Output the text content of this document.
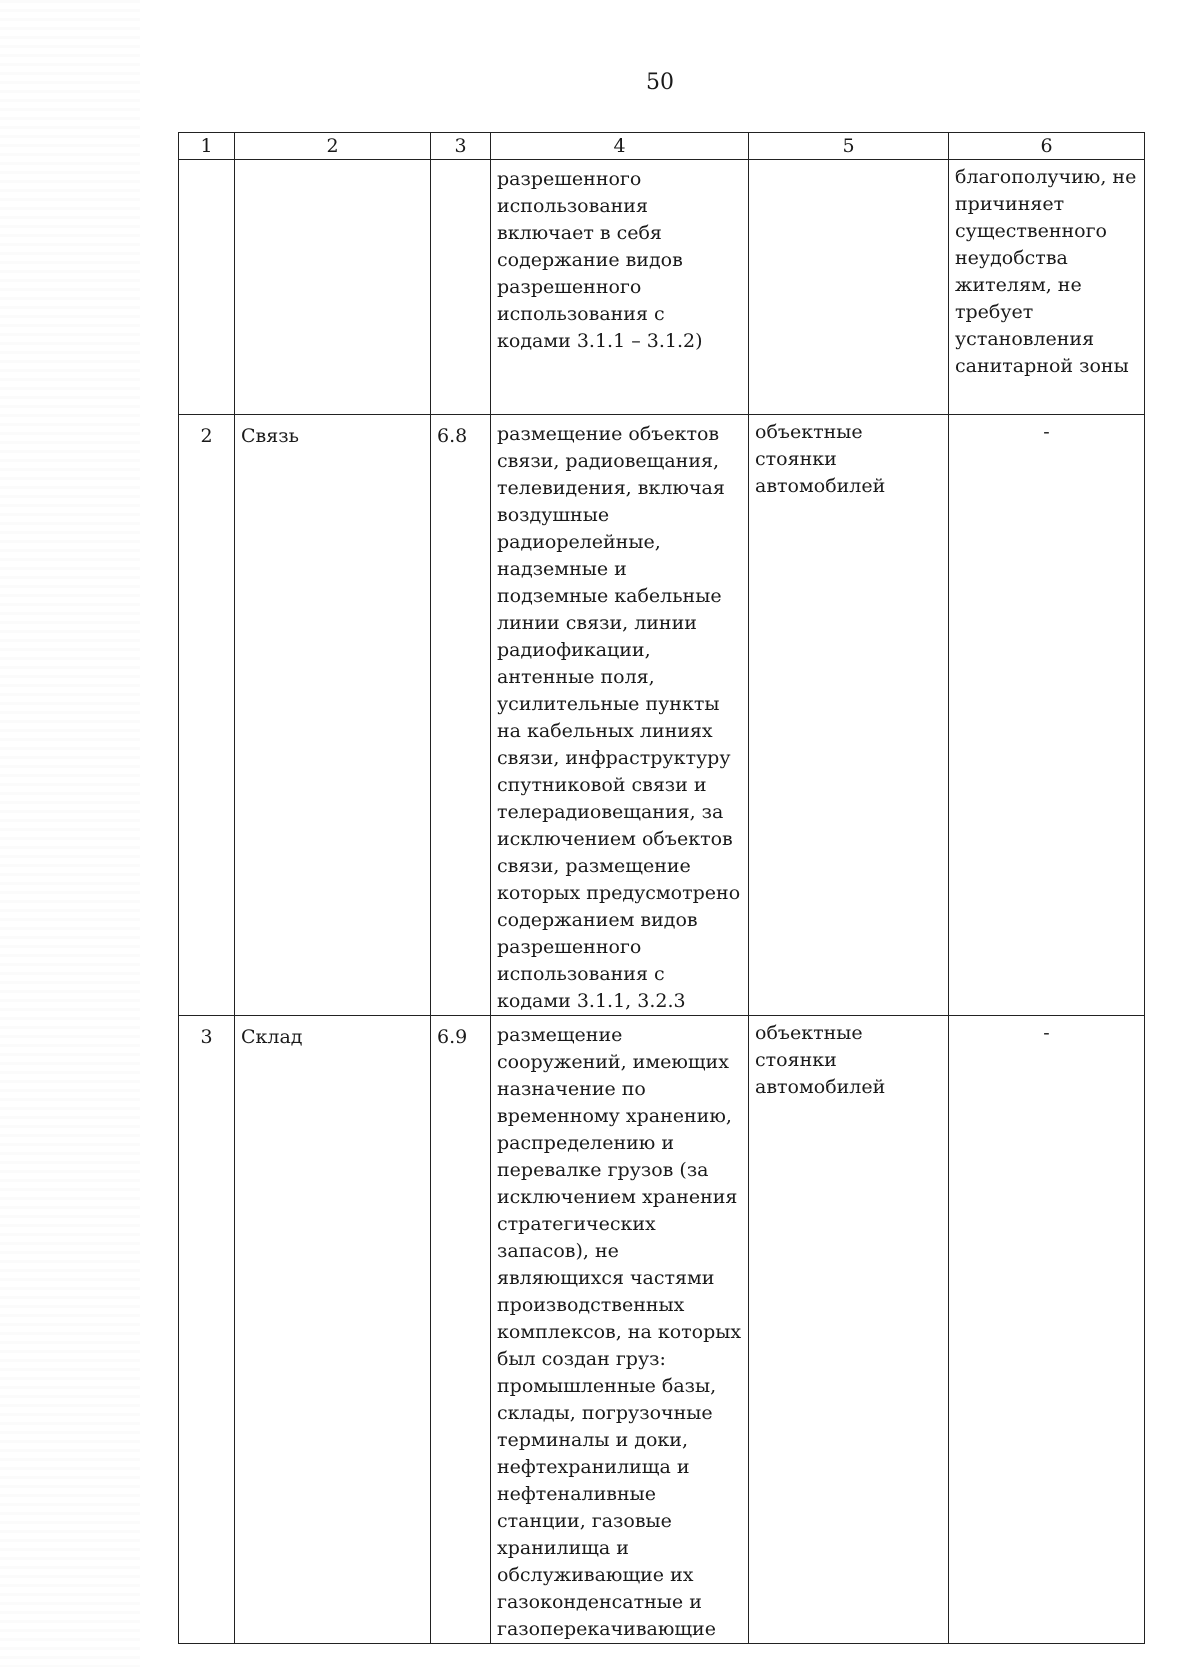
50
1	2	3	4	5	6
			разрешенного использования включает в себя содержание видов разрешенного использования с кодами 3.1.1 – 3.1.2)		благополучию, не причиняет существенного неудобства жителям, не требует установления санитарной зоны
2	Связь	6.8	размещение объектов связи, радиовещания, телевидения, включая воздушные радиорелейные, надземные и подземные кабельные линии связи, линии радиофикации, антенные поля, усилительные пункты на кабельных линиях связи, инфраструктуру спутниковой связи и телерадиовещания, за исключением объектов связи, размещение которых предусмотрено содержанием видов разрешенного использования с кодами 3.1.1, 3.2.3	объектные стоянки автомобилей	-
3	Склад	6.9	размещение сооружений, имеющих назначение по временному хранению, распределению и перевалке грузов (за исключением хранения стратегических запасов), не являющихся частями производственных комплексов, на которых был создан груз: промышленные базы, склады, погрузочные терминалы и доки, нефтехранилища и нефтеналивные станции, газовые хранилища и обслуживающие их газоконденсатные и газоперекачивающие	объектные стоянки автомобилей	-
